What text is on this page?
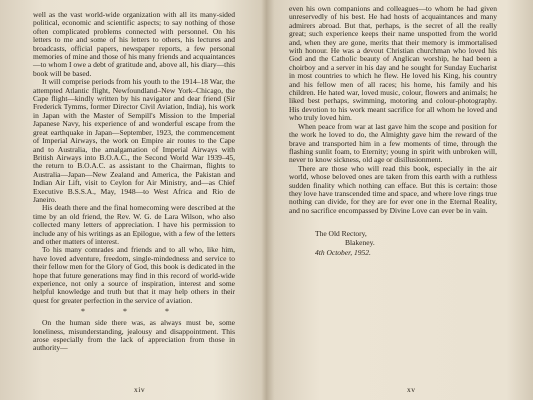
well as the vast world-wide organization with all its many-sided political, economic and scientific aspects; to say nothing of those often complicated problems connected with personnel. On his letters to me and some of his letters to others, his lectures and broadcasts, official papers, newspaper reports, a few personal memories of mine and those of his many friends and acquaintances—to whom I owe a debt of gratitude and, above all, his diary—this book will be based.

It will comprise periods from his youth to the 1914–18 War, the attempted Atlantic flight, Newfoundland–New York–Chicago, the Cape flight—kindly written by his navigator and dear friend (Sir Frederick Tymms, former Director Civil Aviation, India), his work in Japan with the Master of Sempill's Mission to the Imperial Japanese Navy, his experience of and wonderful escape from the great earthquake in Japan—September, 1923, the commencement of Imperial Airways, the work on Empire air routes to the Cape and to Australia, the amalgamation of Imperial Airways with British Airways into B.O.A.C., the Second World War 1939–45, the return to B.O.A.C. as assistant to the Chairman, flights to Australia—Japan—New Zealand and America, the Pakistan and Indian Air Lift, visit to Ceylon for Air Ministry, and—as Chief Executive B.S.S.A., May, 1948—to West Africa and Rio de Janeiro.

His death there and the final homecoming were described at the time by an old friend, the Rev. W. G. de Lara Wilson, who also collected many letters of appreciation. I have his permission to include any of his writings as an Epilogue, with a few of the letters and other matters of interest.

To his many comrades and friends and to all who, like him, have loved adventure, freedom, single-mindedness and service to their fellow men for the Glory of God, this book is dedicated in the hope that future generations may find in this record of world-wide experience, not only a source of inspiration, interest and some helpful knowledge and truth but that it may help others in their quest for greater perfection in the service of aviation.

* * *

On the human side there was, as always must be, some loneliness, misunderstanding, jealousy and disappointment. This arose especially from the lack of appreciation from those in authority—

xiv

even his own companions and colleagues—to whom he had given unreservedly of his best. He had hosts of acquaintances and many admirers abroad. But that, perhaps, is the secret of all the really great; such experience keeps their name unspotted from the world and, when they are gone, merits that their memory is immortalised with honour. He was a devout Christian churchman who loved his God and the Catholic beauty of Anglican worship, he had been a choirboy and a server in his day and he sought for Sunday Eucharist in most countries to which he flew. He loved his King, his country and his fellow men of all races; his home, his family and his children. He hated war, loved music, colour, flowers and animals; he liked best perhaps, swimming, motoring and colour-photography. His devotion to his work meant sacrifice for all whom he loved and who truly loved him.

When peace from war at last gave him the scope and position for the work he loved to do, the Almighty gave him the reward of the brave and transported him in a few moments of time, through the flashing sunlit foam, to Eternity; young in spirit with unbroken will, never to know sickness, old age or disillusionment.

There are those who will read this book, especially in the air world, whose beloved ones are taken from this earth with a ruthless sudden finality which nothing can efface. But this is certain: those they love have transcended time and space, and where love rings true nothing can divide, for they are for ever one in the Eternal Reality, and no sacrifice encompassed by Divine Love can ever be in vain.

The Old Rectory,
Blakeney.
4th October, 1952.
xv
